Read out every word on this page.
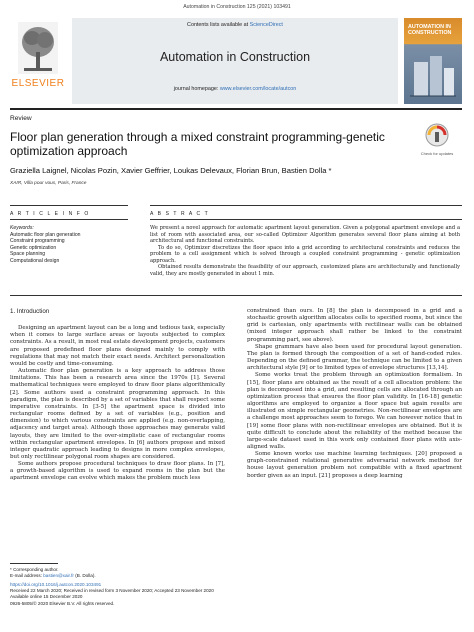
Automation in Construction 125 (2021) 103491
ELSEVIER
Contents lists available at ScienceDirect
Automation in Construction
journal homepage: www.elsevier.com/locate/autcon
AUTOMATION IN CONSTRUCTION
Review
Floor plan generation through a mixed constraint programming-genetic optimization approach	Check for updates
Graziella Laignel, Nicolas Pozin, Xavier Geffrier, Loukas Delevaux, Florian Brun, Bastien Dolla *
XAIR, Villa pour vous, Paris, France
A R T I C L E I N F O	A B S T R A C T
Keywords:
Automatic floor plan generation
Constraint programming
Genetic optimization
Space planning
Computational design

We present a novel approach for automatic apartment layout generation. Given a polygonal apartment envelope and a list of room with associated area, our so-called Optimizer Algorithm generates several floor plans aiming at both architectural and functional constraints.

To do so, Optimizer discretizes the floor space into a grid according to architectural constraints and reduces the problem to a cell assignment which is solved through a coupled constraint programming - genetic optimization approach.

Obtained results demonstrate the feasibility of our approach, customized plans are architecturally and functionally valid, they are mostly generated in about 1 min.

1. Introduction

Designing an apartment layout can be a long and tedious task, especially when it comes to large surface areas or layouts subjected to complex constraints. As a result, in most real estate development projects, customers are proposed predefined floor plans designed mainly to comply with regulations that may not match their exact needs. Architect personalization would be costly and time-consuming.

Automatic floor plan generation is a key approach to address those limitations. This has been a research area since the 1970s [1]. Several mathematical techniques were employed to draw floor plans algorithmically [2]. Some authors used a constraint programming approach. In this paradigm, the plan is described by a set of variables that shall respect some imperative constraints. In [3-5] the apartment space is divided into rectangular rooms defined by a set of variables (e.g., position and dimension) to which various constraints are applied (e.g. non-overlapping, adjacency and target area). Although those approaches may generate valid layouts, they are limited to the over-simplistic case of rectangular rooms within rectangular apartment envelopes. In [6] authors propose and mixed integer quadratic approach leading to designs in more complex envelopes, but only rectilinear polygonal room shapes are considered.

Some authors propose procedural techniques to draw floor plans. In [7], a growth-based algorithm is used to expand rooms in the plan but the apartment envelope can evolve which makes the problem much less

constrained than ours. In [8] the plan is decomposed in a grid and a stochastic growth algorithm allocates cells to specified rooms, but since the grid is cartesian, only apartments with rectilinear walls can be obtained (mixed integer approach shall rather be linked to the constraint programming part, see above).

Shape grammars have also been used for procedural layout generation. The plan is formed through the composition of a set of hand-coded rules. Depending on the defined grammar, the technique can be limited to a given architectural style [9] or to limited types of envelope structures [13,14].

Some works treat the problem through an optimization formalism. In [15], floor plans are obtained as the result of a cell allocation problem: the plan is decomposed into a grid, and resulting cells are allocated through an optimization process that ensures the floor plan validity. In [16-18] genetic algorithms are employed to organize a floor space but again results are illustrated on simple rectangular geometries. Non-rectilinear envelopes are a challenge most approaches seem to forego. We can however notice that in [19] some floor plans with non-rectilinear envelopes are obtained. But it is quite difficult to conclude about the reliability of the method because the large-scale dataset used in this work only contained floor plans with axis-aligned walls.

Some known works use machine learning techniques. [20] proposed a graph-constrained relational generative adversarial network method for house layout generation problem not compatible with a fixed apartment border given as an input. [21] proposes a deep learning

* Corresponding author.
E-mail address: bastien@xair.fr (B. Dolla).
https://doi.org/10.1016/j.autcon.2020.103491
Received 22 March 2020; Received in revised form 3 November 2020; Accepted 23 November 2020
Available online 15 December 2020
0926-5805/© 2020 Elsevier B.V. All rights reserved.
